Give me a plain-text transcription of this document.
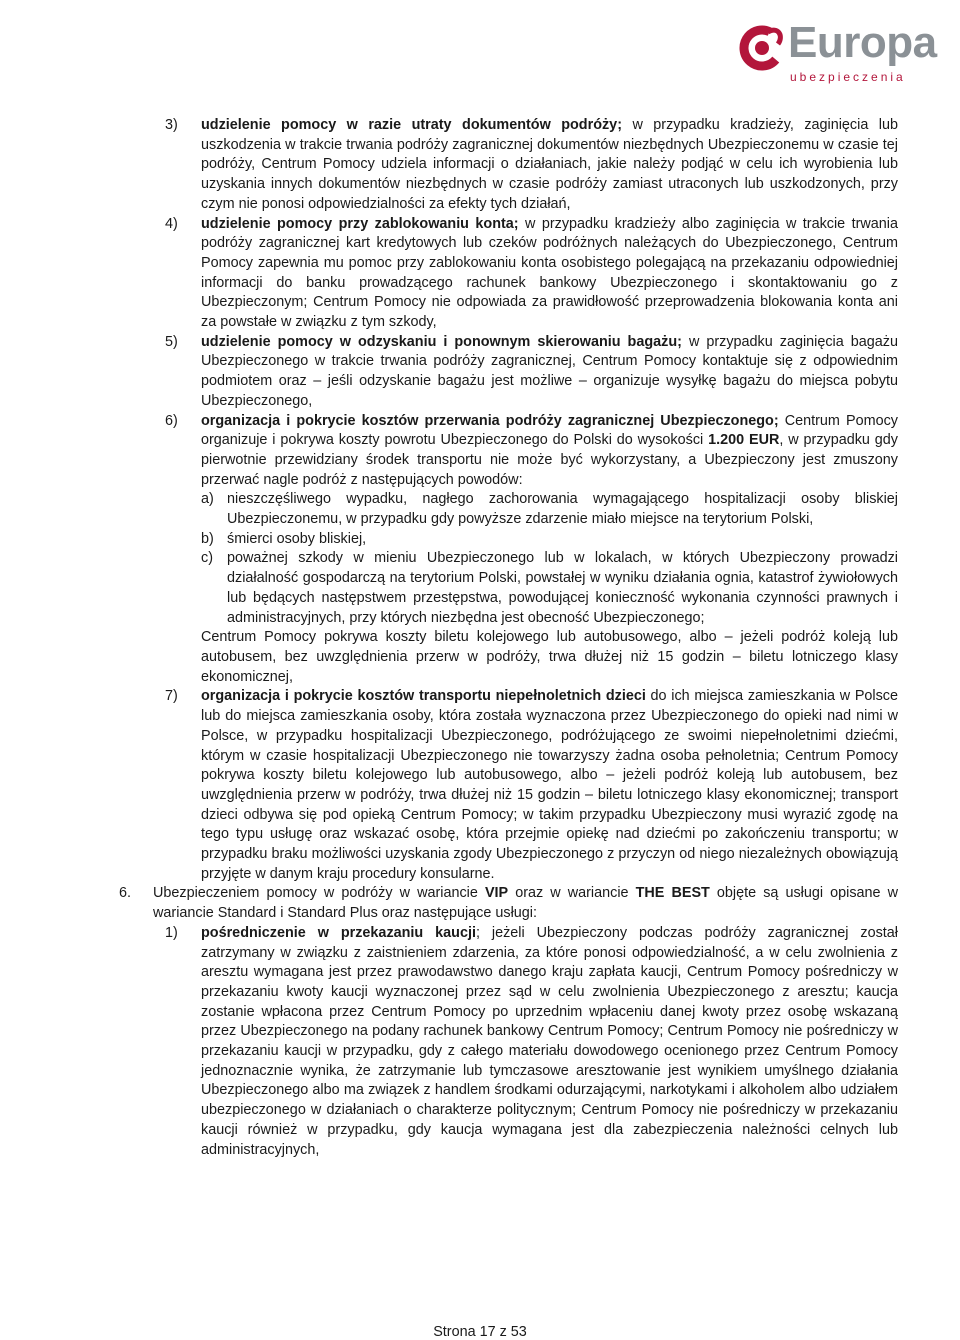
Europa
ubezpieczenia
3) udzielenie pomocy w razie utraty dokumentów podróży; w przypadku kradzieży, zaginięcia lub uszkodzenia w trakcie trwania podróży zagranicznej dokumentów niezbędnych Ubezpieczonemu w czasie tej podróży, Centrum Pomocy udziela informacji o działaniach, jakie należy podjąć w celu ich wyrobienia lub uzyskania innych dokumentów niezbędnych w czasie podróży zamiast utraconych lub uszkodzonych, przy czym nie ponosi odpowiedzialności za efekty tych działań,
4) udzielenie pomocy przy zablokowaniu konta; w przypadku kradzieży albo zaginięcia w trakcie trwania podróży zagranicznej kart kredytowych lub czeków podróżnych należących do Ubezpieczonego, Centrum Pomocy zapewnia mu pomoc przy zablokowaniu konta osobistego polegającą na przekazaniu odpowiedniej informacji do banku prowadzącego rachunek bankowy Ubezpieczonego i skontaktowaniu go z Ubezpieczonym; Centrum Pomocy nie odpowiada za prawidłowość przeprowadzenia blokowania konta ani za powstałe w związku z tym szkody,
5) udzielenie pomocy w odzyskaniu i ponownym skierowaniu bagażu; w przypadku zaginięcia bagażu Ubezpieczonego w trakcie trwania podróży zagranicznej, Centrum Pomocy kontaktuje się z odpowiednim podmiotem oraz – jeśli odzyskanie bagażu jest możliwe – organizuje wysyłkę bagażu do miejsca pobytu Ubezpieczonego,
6) organizacja i pokrycie kosztów przerwania podróży zagranicznej Ubezpieczonego; Centrum Pomocy organizuje i pokrywa koszty powrotu Ubezpieczonego do Polski do wysokości 1.200 EUR, w przypadku gdy pierwotnie przewidziany środek transportu nie może być wykorzystany, a Ubezpieczony jest zmuszony przerwać nagle podróż z następujących powodów:
a) nieszczęśliwego wypadku, nagłego zachorowania wymagającego hospitalizacji osoby bliskiej Ubezpieczonemu, w przypadku gdy powyższe zdarzenie miało miejsce na terytorium Polski,
b) śmierci osoby bliskiej,
c) poważnej szkody w mieniu Ubezpieczonego lub w lokalach, w których Ubezpieczony prowadzi działalność gospodarczą na terytorium Polski, powstałej w wyniku działania ognia, katastrof żywiołowych lub będących następstwem przestępstwa, powodującej konieczność wykonania czynności prawnych i administracyjnych, przy których niezbędna jest obecność Ubezpieczonego;
Centrum Pomocy pokrywa koszty biletu kolejowego lub autobusowego, albo – jeżeli podróż koleją lub autobusem, bez uwzględnienia przerw w podróży, trwa dłużej niż 15 godzin – biletu lotniczego klasy ekonomicznej,
7) organizacja i pokrycie kosztów transportu niepełnoletnich dzieci do ich miejsca zamieszkania w Polsce lub do miejsca zamieszkania osoby, która została wyznaczona przez Ubezpieczonego do opieki nad nimi w Polsce, w przypadku hospitalizacji Ubezpieczonego, podróżującego ze swoimi niepełnoletnimi dziećmi, którym w czasie hospitalizacji Ubezpieczonego nie towarzyszy żadna osoba pełnoletnia; Centrum Pomocy pokrywa koszty biletu kolejowego lub autobusowego, albo – jeżeli podróż koleją lub autobusem, bez uwzględnienia przerw w podróży, trwa dłużej niż 15 godzin – biletu lotniczego klasy ekonomicznej; transport dzieci odbywa się pod opieką Centrum Pomocy; w takim przypadku Ubezpieczony musi wyrazić zgodę na tego typu usługę oraz wskazać osobę, która przejmie opiekę nad dziećmi po zakończeniu transportu; w przypadku braku możliwości uzyskania zgody Ubezpieczonego z przyczyn od niego niezależnych obowiązują przyjęte w danym kraju procedury konsularne.
6. Ubezpieczeniem pomocy w podróży w wariancie VIP oraz w wariancie THE BEST objęte są usługi opisane w wariancie Standard i Standard Plus oraz następujące usługi:
1) pośredniczenie w przekazaniu kaucji; jeżeli Ubezpieczony podczas podróży zagranicznej został zatrzymany w związku z zaistnieniem zdarzenia, za które ponosi odpowiedzialność, a w celu zwolnienia z aresztu wymagana jest przez prawodawstwo danego kraju zapłata kaucji, Centrum Pomocy pośredniczy w przekazaniu kwoty kaucji wyznaczonej przez sąd w celu zwolnienia Ubezpieczonego z aresztu; kaucja zostanie wpłacona przez Centrum Pomocy po uprzednim wpłaceniu danej kwoty przez osobę wskazaną przez Ubezpieczonego na podany rachunek bankowy Centrum Pomocy; Centrum Pomocy nie pośredniczy w przekazaniu kaucji w przypadku, gdy z całego materiału dowodowego ocenionego przez Centrum Pomocy jednoznacznie wynika, że zatrzymanie lub tymczasowe aresztowanie jest wynikiem umyślnego działania Ubezpieczonego albo ma związek z handlem środkami odurzającymi, narkotykami i alkoholem albo udziałem ubezpieczonego w działaniach o charakterze politycznym; Centrum Pomocy nie pośredniczy w przekazaniu kaucji również w przypadku, gdy kaucja wymagana jest dla zabezpieczenia należności celnych lub administracyjnych,
Strona 17 z 53
